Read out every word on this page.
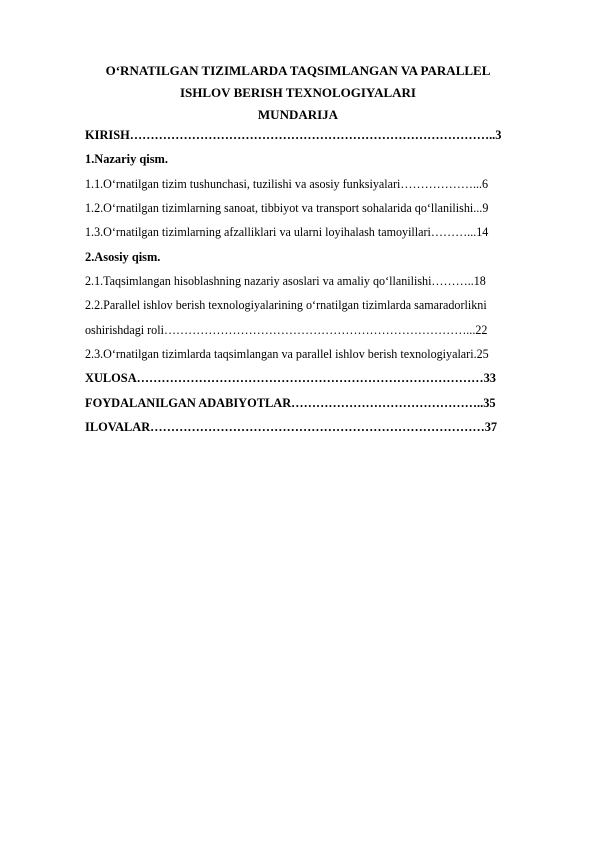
O‘RNATILGAN TIZIMLARDA TAQSIMLANGAN VA PARALLEL
ISHLOV BERISH TEXNOLOGIYALARI
MUNDARIJA
KIRISH……………………………………………………………………………..3
1.Nazariy qism.
1.1.O‘rnatilgan tizim tushunchasi, tuzilishi va asosiy funksiyalari………………...6
1.2.O‘rnatilgan tizimlarning sanoat, tibbiyot va transport sohalarida qo‘llanilishi...9
1.3.O‘rnatilgan tizimlarning afzalliklari va ularni loyihalash tamoyillari………...14
2.Asosiy qism.
2.1.Taqsimlangan hisoblashning nazariy asoslari va amaliy qo‘llanilishi………..18
2.2.Parallel ishlov berish texnologiyalarining o‘rnatilgan tizimlarda samaradorlikni
oshirishdagi roli…………………………………………………………………...22
2.3.O‘rnatilgan tizimlarda taqsimlangan va parallel ishlov berish texnologiyalari.25
XULOSA…………………………………………………………………………33
FOYDALANILGAN ADABIYOTLAR………………………………………..35
ILOVALAR………………………………………………………………………37
